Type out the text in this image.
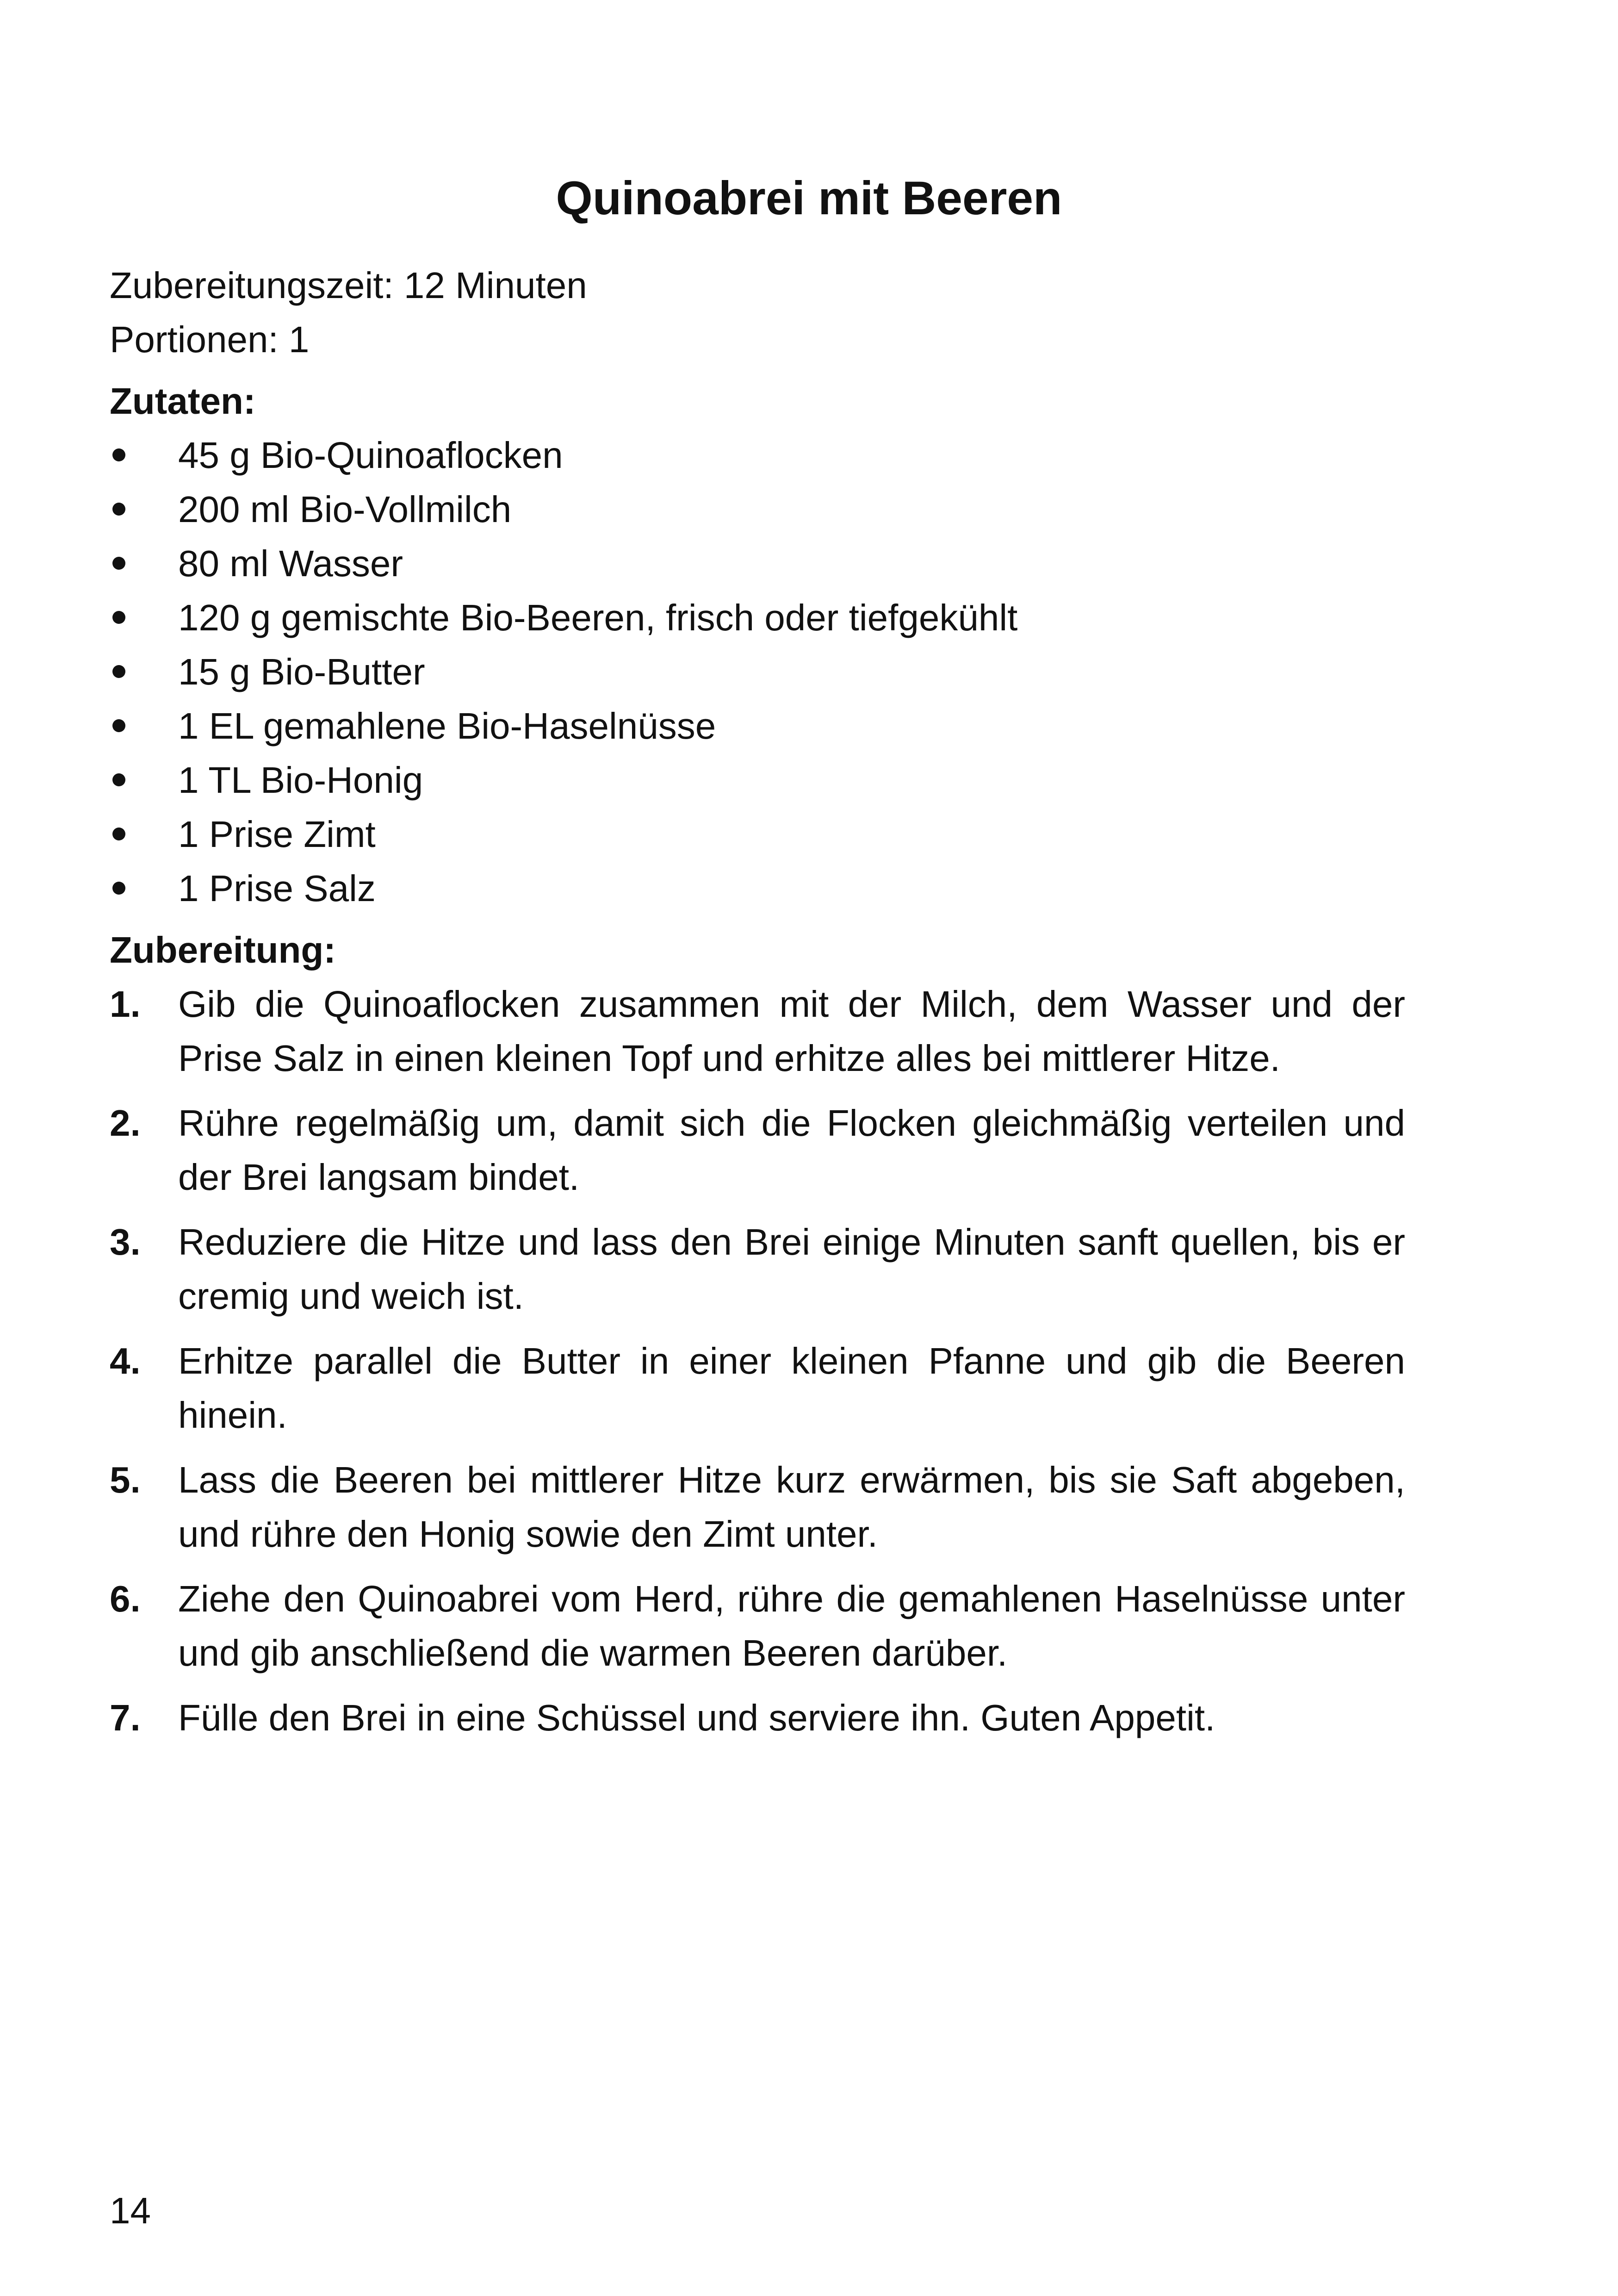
Quinoabrei mit Beeren

Zubereitungszeit: 12 Minuten

Portionen: 1

Zutaten:

45 g Bio-Quinoaflocken
200 ml Bio-Vollmilch
80 ml Wasser
120 g gemischte Bio-Beeren, frisch oder tiefgekühlt
15 g Bio-Butter
1 EL gemahlene Bio-Haselnüsse
1 TL Bio-Honig
1 Prise Zimt
1 Prise Salz

Zubereitung:

1. Gib die Quinoaflocken zusammen mit der Milch, dem Wasser und der Prise Salz in einen kleinen Topf und erhitze alles bei mittlerer Hitze.
2. Rühre regelmäßig um, damit sich die Flocken gleichmäßig verteilen und der Brei langsam bindet.
3. Reduziere die Hitze und lass den Brei einige Minuten sanft quellen, bis er cremig und weich ist.
4. Erhitze parallel die Butter in einer kleinen Pfanne und gib die Beeren hinein.
5. Lass die Beeren bei mittlerer Hitze kurz erwärmen, bis sie Saft abgeben, und rühre den Honig sowie den Zimt unter.
6. Ziehe den Quinoabrei vom Herd, rühre die gemahlenen Haselnüsse unter und gib anschließend die warmen Beeren darüber.
7. Fülle den Brei in eine Schüssel und serviere ihn. Guten Appetit.
14
